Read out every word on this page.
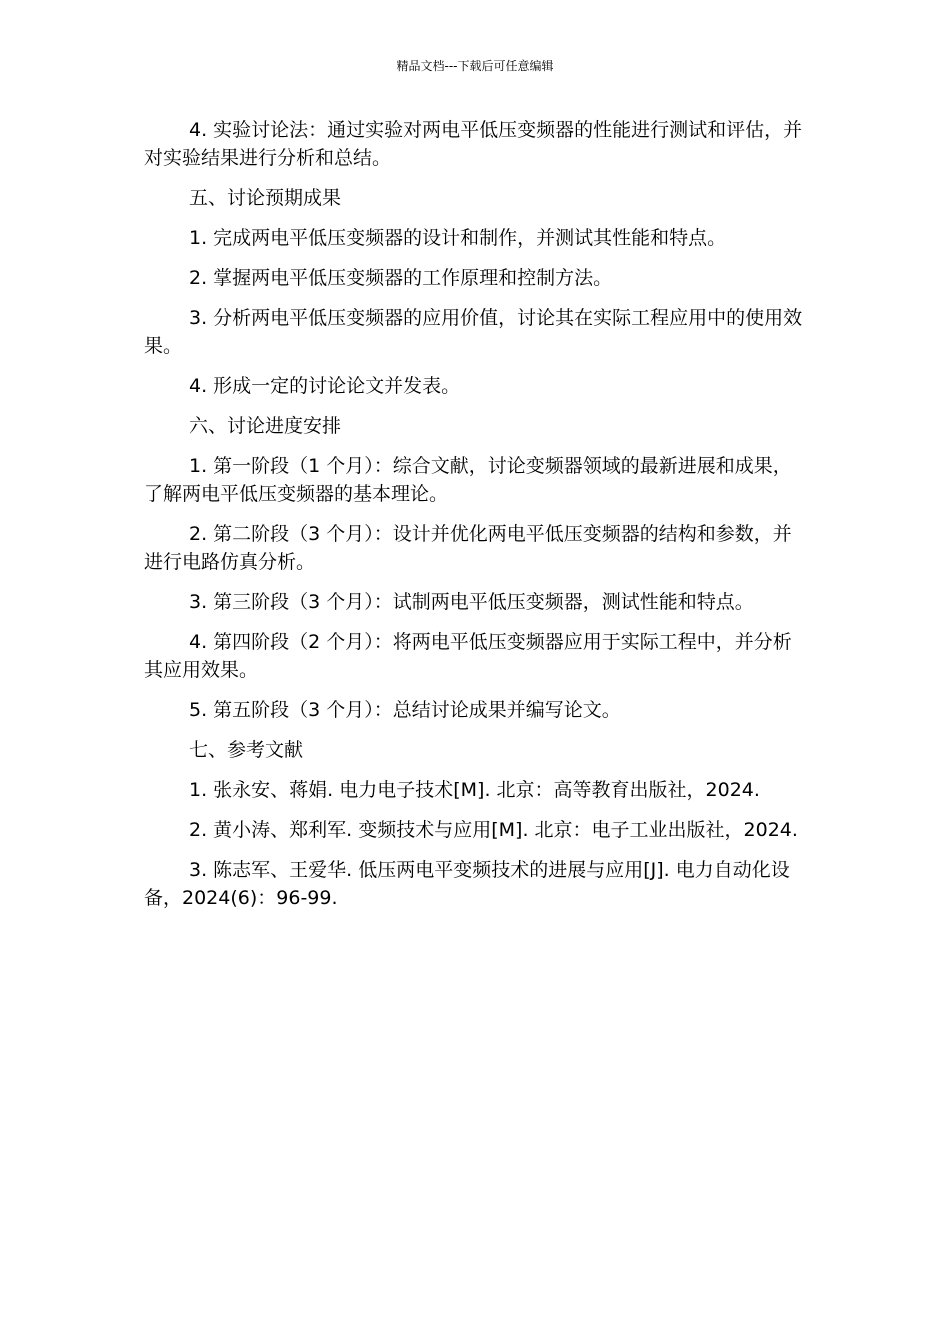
精品文档---下载后可任意编辑

4. 实验讨论法：通过实验对两电平低压变频器的性能进行测试和评估，并对实验结果进行分析和总结。

五、讨论预期成果

1. 完成两电平低压变频器的设计和制作，并测试其性能和特点。

2. 掌握两电平低压变频器的工作原理和控制方法。

3. 分析两电平低压变频器的应用价值，讨论其在实际工程应用中的使用效果。

4. 形成一定的讨论论文并发表。

六、讨论进度安排

1. 第一阶段（1 个月）：综合文献，讨论变频器领域的最新进展和成果，了解两电平低压变频器的基本理论。

2. 第二阶段（3 个月）：设计并优化两电平低压变频器的结构和参数，并进行电路仿真分析。

3. 第三阶段（3 个月）：试制两电平低压变频器，测试性能和特点。

4. 第四阶段（2 个月）：将两电平低压变频器应用于实际工程中，并分析其应用效果。

5. 第五阶段（3 个月）：总结讨论成果并编写论文。

七、参考文献

1. 张永安、蒋娟. 电力电子技术[M]. 北京：高等教育出版社，2024.

2. 黄小涛、郑利军. 变频技术与应用[M]. 北京：电子工业出版社，2024.

3. 陈志军、王爱华. 低压两电平变频技术的进展与应用[J]. 电力自动化设备，2024(6)：96-99.
